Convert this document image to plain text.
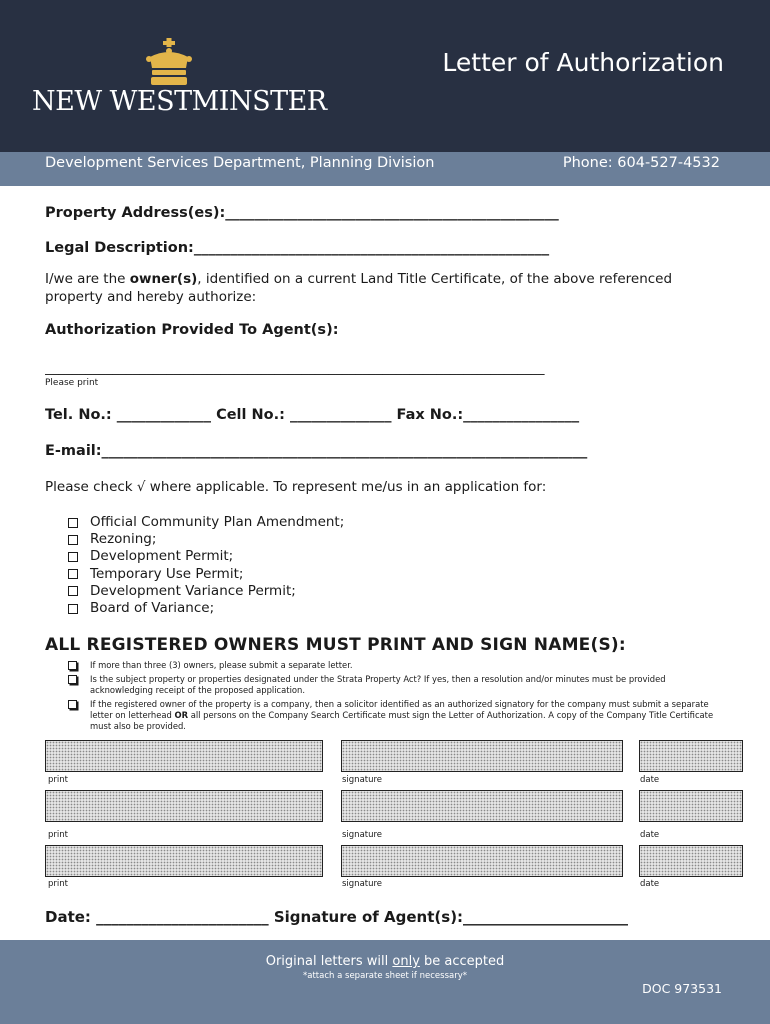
NEW WESTMINSTER
Letter of Authorization
Development Services Department, Planning Division	Phone: 604-527-4532
Property Address(es):______________________________________________
Legal Description:_________________________________________________
I/we are the owner(s), identified on a current Land Title Certificate, of the above referenced property and hereby authorize:
Authorization Provided To Agent(s):
__________________________________________________________________________
Please print
Tel. No.: _____________ Cell No.: ______________ Fax No.:________________
E-mail:___________________________________________________________________
Please check √ where applicable. To represent me/us in an application for:
Official Community Plan Amendment;
Rezoning;
Development Permit;
Temporary Use Permit;
Development Variance Permit;
Board of Variance;
ALL REGISTERED OWNERS MUST PRINT AND SIGN NAME(S):
If more than three (3) owners, please submit a separate letter.
Is the subject property or properties designated under the Strata Property Act? If yes, then a resolution and/or minutes must be provided acknowledging receipt of the proposed application.
If the registered owner of the property is a company, then a solicitor identified as an authorized signatory for the company must submit a separate letter on letterhead OR all persons on the Company Search Certificate must sign the Letter of Authorization. A copy of the Company Title Certificate must also be provided.
print	signature	date
print	signature	date
print	signature	date
Date: _______________________ Signature of Agent(s):______________________
Original letters will only be accepted
*attach a separate sheet if necessary*
DOC 973531
